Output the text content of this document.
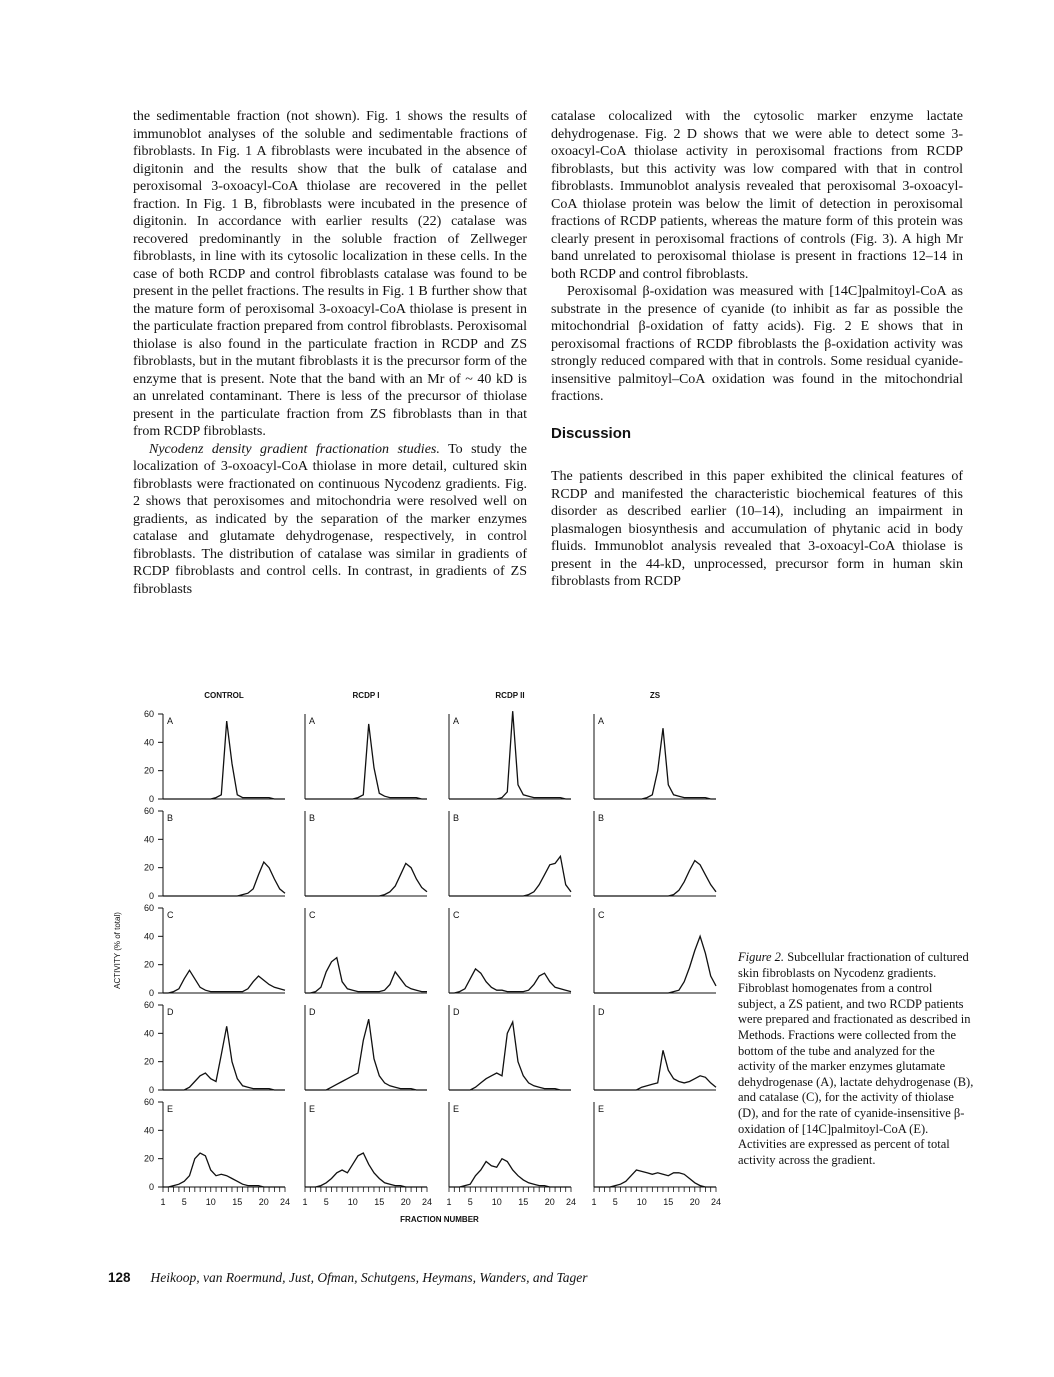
the sedimentable fraction (not shown). Fig. 1 shows the results of immunoblot analyses of the soluble and sedimentable fractions of fibroblasts. In Fig. 1 A fibroblasts were incubated in the absence of digitonin and the results show that the bulk of catalase and peroxisomal 3-oxoacyl-CoA thiolase are recovered in the pellet fraction. In Fig. 1 B, fibroblasts were incubated in the presence of digitonin. In accordance with earlier results (22) catalase was recovered predominantly in the soluble fraction of Zellweger fibroblasts, in line with its cytosolic localization in these cells. In the case of both RCDP and control fibroblasts catalase was found to be present in the pellet fractions. The results in Fig. 1 B further show that the mature form of peroxisomal 3-oxoacyl-CoA thiolase is present in the particulate fraction prepared from control fibroblasts. Peroxisomal thiolase is also found in the particulate fraction in RCDP and ZS fibroblasts, but in the mutant fibroblasts it is the precursor form of the enzyme that is present. Note that the band with an Mr of ~ 40 kD is an unrelated contaminant. There is less of the precursor of thiolase present in the particulate fraction from ZS fibroblasts than in that from RCDP fibroblasts.

Nycodenz density gradient fractionation studies. To study the localization of 3-oxoacyl-CoA thiolase in more detail, cultured skin fibroblasts were fractionated on continuous Nycodenz gradients. Fig. 2 shows that peroxisomes and mitochondria were resolved well on gradients, as indicated by the separation of the marker enzymes catalase and glutamate dehydrogenase, respectively, in control fibroblasts. The distribution of catalase was similar in gradients of RCDP fibroblasts and control cells. In contrast, in gradients of ZS fibroblasts

catalase colocalized with the cytosolic marker enzyme lactate dehydrogenase. Fig. 2 D shows that we were able to detect some 3-oxoacyl-CoA thiolase activity in peroxisomal fractions from RCDP fibroblasts, but this activity was low compared with that in control fibroblasts. Immunoblot analysis revealed that peroxisomal 3-oxoacyl-CoA thiolase protein was below the limit of detection in peroxisomal fractions of RCDP patients, whereas the mature form of this protein was clearly present in peroxisomal fractions of controls (Fig. 3). A high Mr band unrelated to peroxisomal thiolase is present in fractions 12–14 in both RCDP and control fibroblasts.

Peroxisomal β-oxidation was measured with [14C]palmitoyl-CoA as substrate in the presence of cyanide (to inhibit as far as possible the mitochondrial β-oxidation of fatty acids). Fig. 2 E shows that in peroxisomal fractions of RCDP fibroblasts the β-oxidation activity was strongly reduced compared with that in controls. Some residual cyanide-insensitive palmitoyl–CoA oxidation was found in the mitochondrial fractions.

Discussion

The patients described in this paper exhibited the clinical features of RCDP and manifested the characteristic biochemical features of this disorder as described earlier (10–14), including an impairment in plasmalogen biosynthesis and accumulation of phytanic acid in body fluids. Immunoblot analysis revealed that 3-oxoacyl-CoA thiolase is present in the 44-kD, unprocessed, precursor form in human skin fibroblasts from RCDP

CONTROL	RCDP I	RCDP II	ZS
0
20
40
60
A	A	A	A
0
20
40
60
B	B	B	B
0
20
40
60
C	C	C	C
0
20
40
60
D	D	D	D
0
20
40
60
E
1 5 10 15 20 24
E
1 5 10 15 20 24
E
1 5 10 15 20 24
E
1 5 10 15 20 24
FRACTION NUMBER
ACTIVITY (% of total)	Figure 2. Subcellular fractionation of cultured skin fibroblasts on Nycodenz gradients. Fibroblast homogenates from a control subject, a ZS patient, and two RCDP patients were prepared and fractionated as described in Methods. Fractions were collected from the bottom of the tube and analyzed for the activity of the marker enzymes glutamate dehydrogenase (A), lactate dehydrogenase (B), and catalase (C), for the activity of thiolase (D), and for the rate of cyanide-insensitive β-oxidation of [14C]palmitoyl-CoA (E). Activities are expressed as percent of total activity across the gradient.
128 Heikoop, van Roermund, Just, Ofman, Schutgens, Heymans, Wanders, and Tager
